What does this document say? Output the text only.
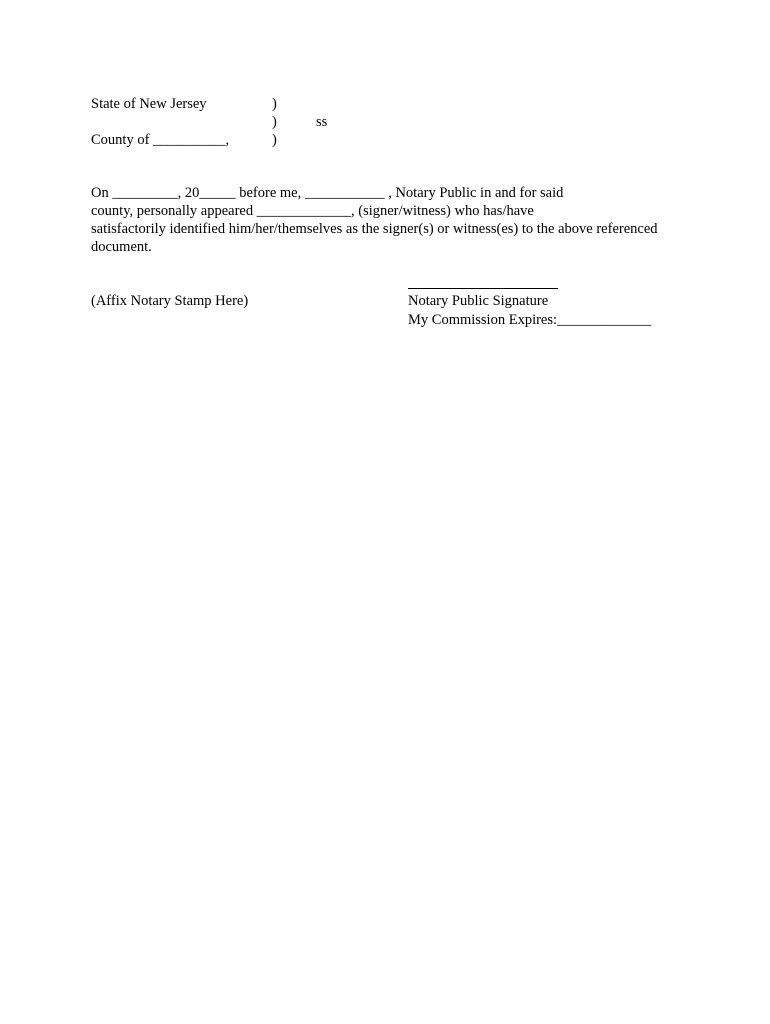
State of New Jersey	)
)	ss
County of __________,	)
On _________, 20_____ before me, ___________ , Notary Public in and for said
county, personally appeared _____________, (signer/witness) who has/have
satisfactorily identified him/her/themselves as the signer(s) or witness(es) to the above referenced
document.
(Affix Notary Stamp Here)	Notary Public Signature
My Commission Expires:_____________
